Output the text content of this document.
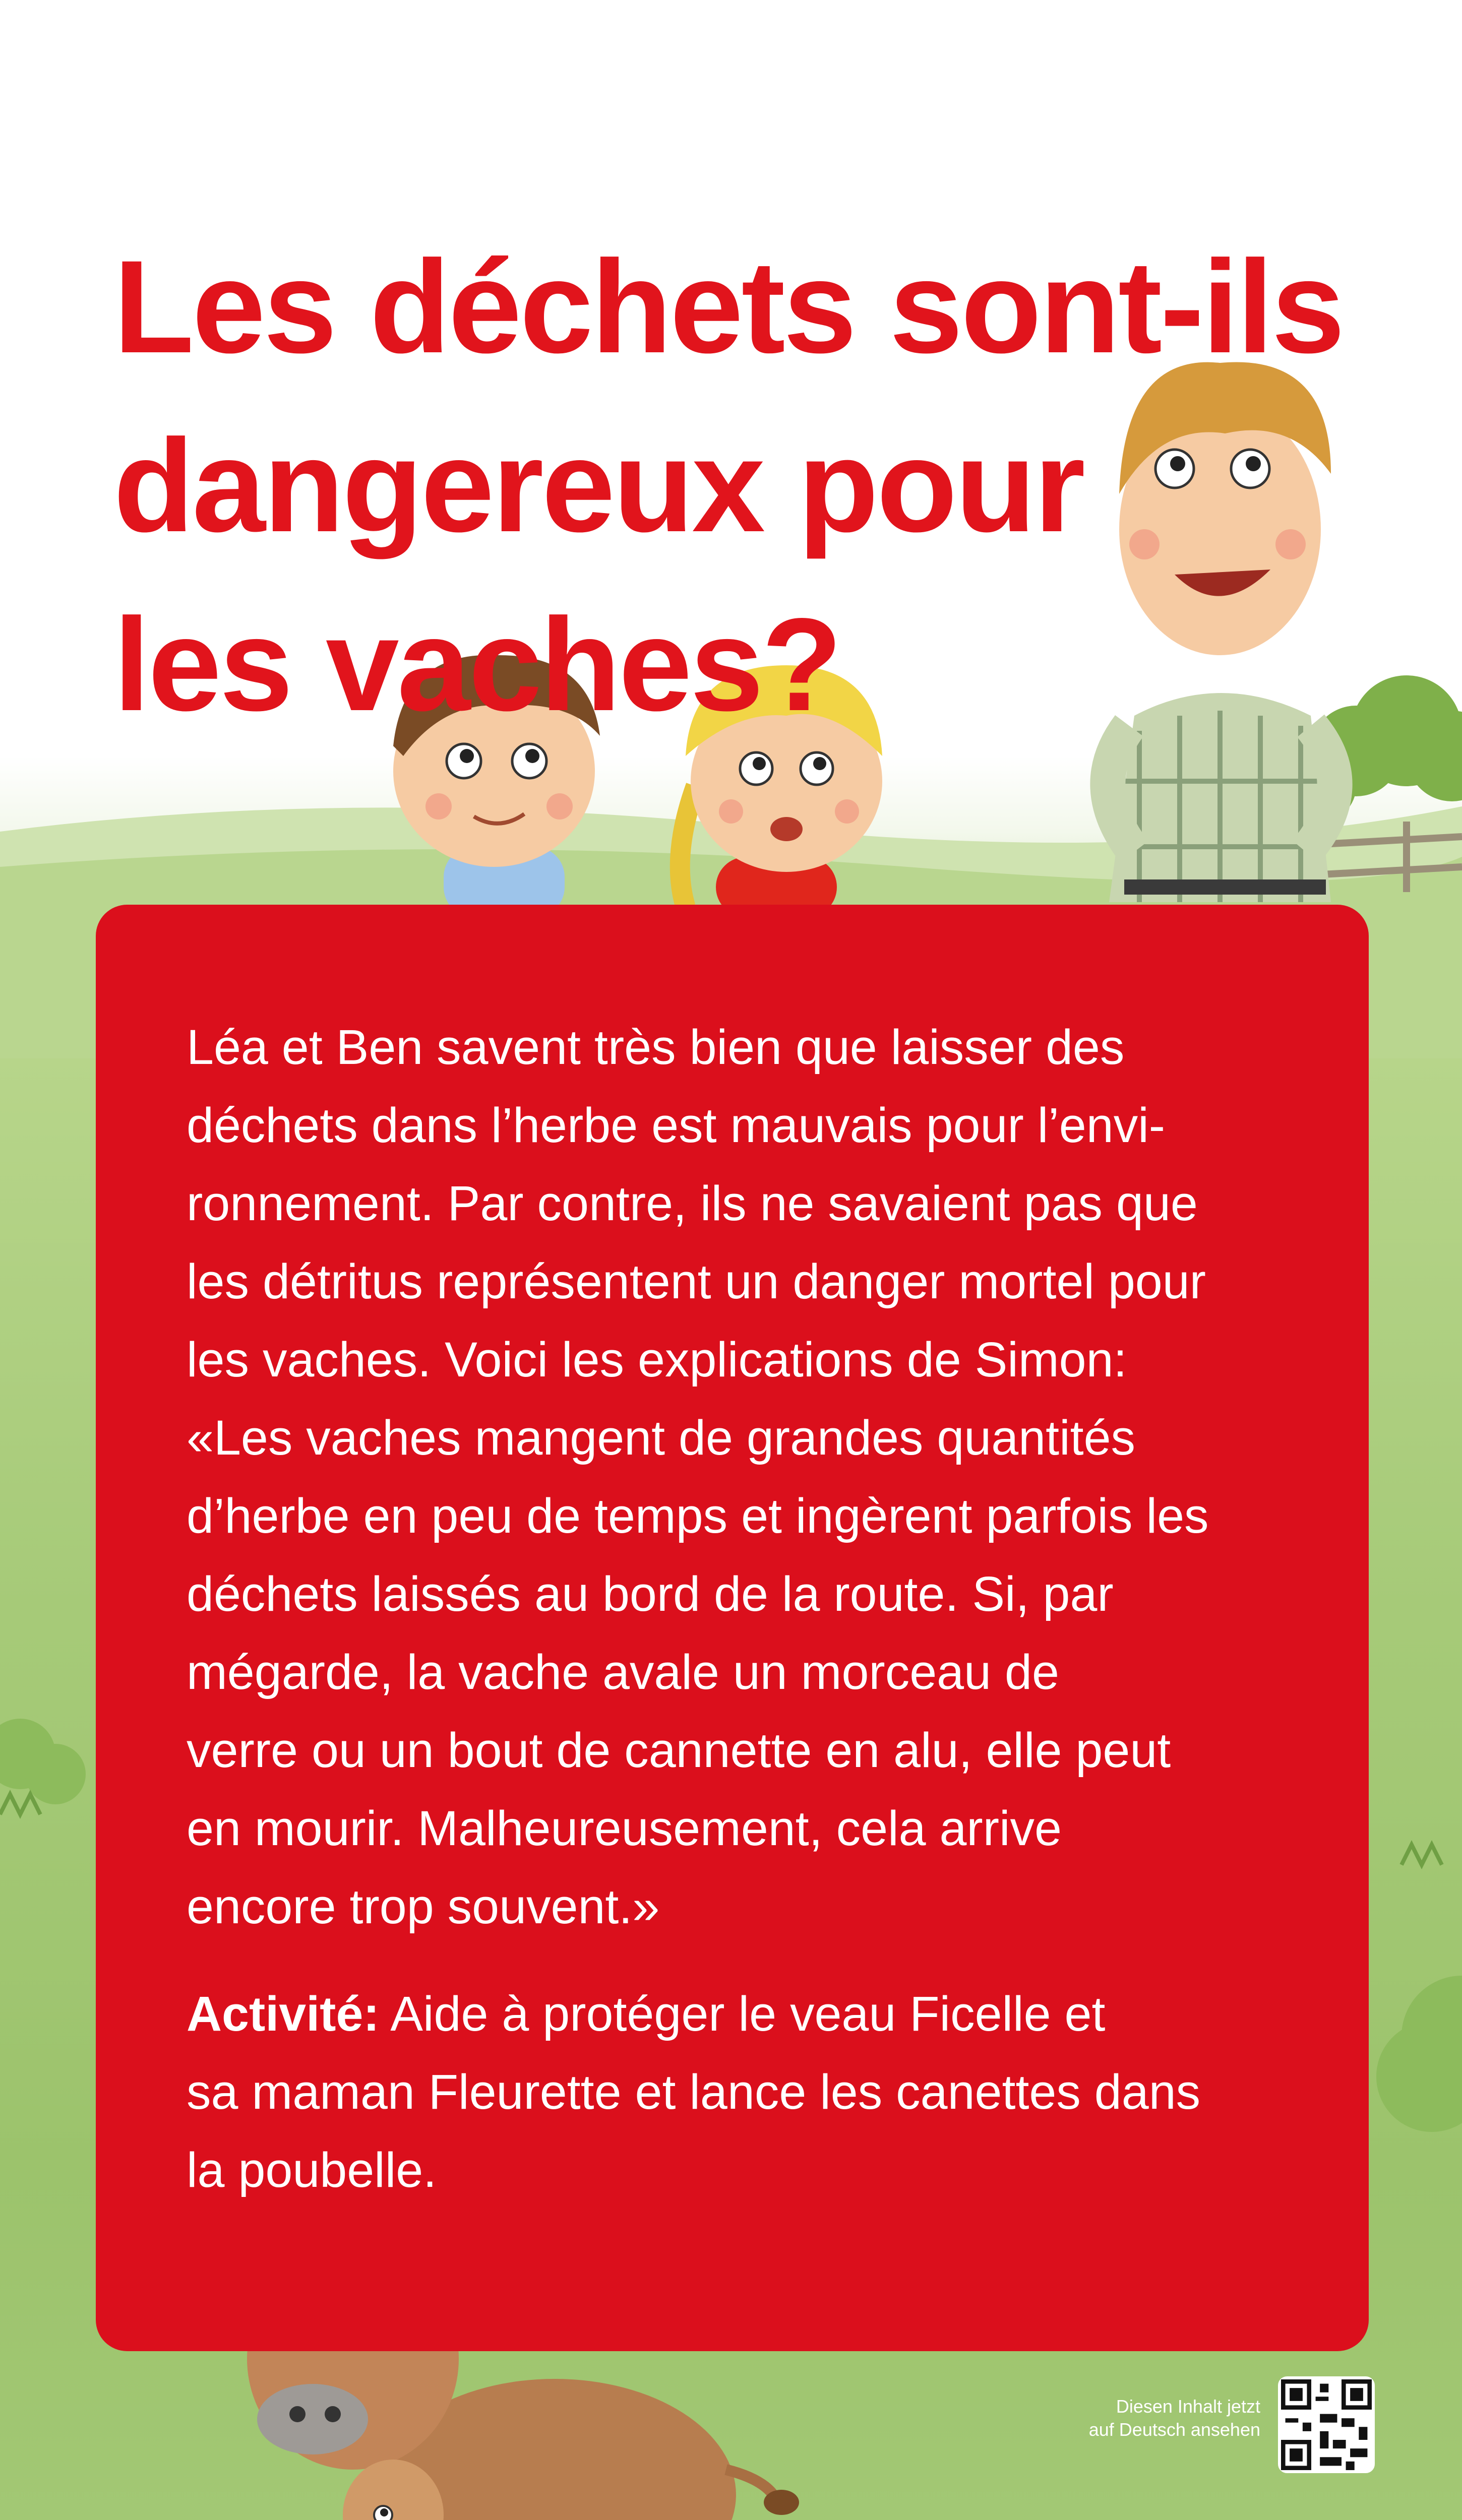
Les déchets sont-ils
dangereux pour
les vaches?

Léa et Ben savent très bien que laisser des
déchets dans l’herbe est mauvais pour l’envi-
ronnement. Par contre, ils ne savaient pas que
les détritus représentent un danger mortel pour
les vaches. Voici les explications de Simon:
«Les vaches mangent de grandes quantités
d’herbe en peu de temps et ingèrent parfois les
déchets laissés au bord de la route. Si, par
mégarde, la vache avale un morceau de
verre ou un bout de cannette en alu, elle peut
en mourir. Malheureusement, cela arrive
encore trop souvent.»

Activité: Aide à protéger le veau Ficelle et
sa maman Fleurette et lance les canettes dans
la poubelle.

Diesen Inhalt jetzt
auf Deutsch ansehen
